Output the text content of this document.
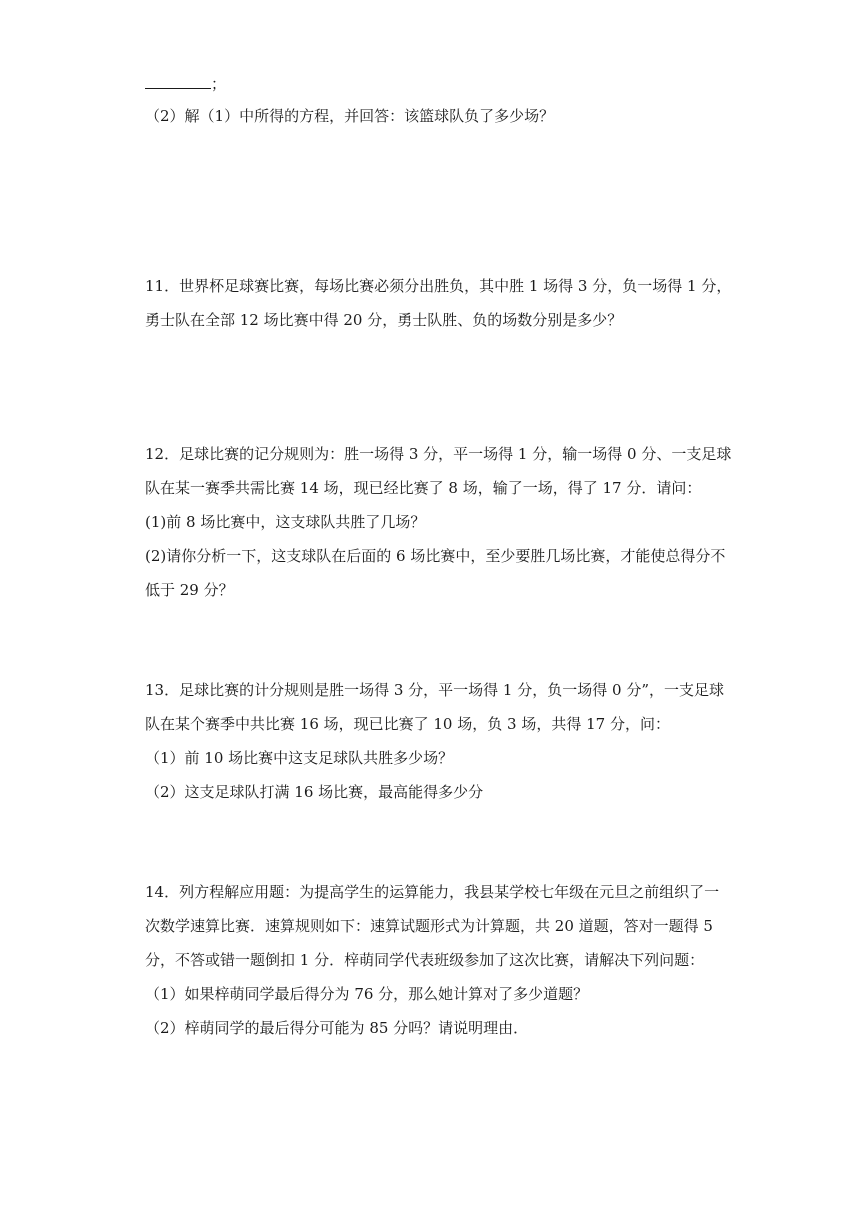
；
（2）解（1）中所得的方程，并回答：该篮球队负了多少场？
11．世界杯足球赛比赛，每场比赛必须分出胜负，其中胜 1 场得 3 分，负一场得 1 分，
勇士队在全部 12 场比赛中得 20 分，勇士队胜、负的场数分别是多少？
12．足球比赛的记分规则为：胜一场得 3 分，平一场得 1 分，输一场得 0 分、一支足球
队在某一赛季共需比赛 14 场，现已经比赛了 8 场，输了一场，得了 17 分．请问：
(1)前 8 场比赛中，这支球队共胜了几场？
(2)请你分析一下，这支球队在后面的 6 场比赛中，至少要胜几场比赛，才能使总得分不
低于 29 分？
13．足球比赛的计分规则是胜一场得 3 分，平一场得 1 分，负一场得 0 分”，一支足球
队在某个赛季中共比赛 16 场，现已比赛了 10 场，负 3 场，共得 17 分，问：
（1）前 10 场比赛中这支足球队共胜多少场？
（2）这支足球队打满 16 场比赛，最高能得多少分
14．列方程解应用题：为提高学生的运算能力，我县某学校七年级在元旦之前组织了一
次数学速算比赛．速算规则如下：速算试题形式为计算题，共 20 道题，答对一题得 5
分，不答或错一题倒扣 1 分．梓萌同学代表班级参加了这次比赛，请解决下列问题：
（1）如果梓萌同学最后得分为 76 分，那么她计算对了多少道题？
（2）梓萌同学的最后得分可能为 85 分吗？请说明理由．
